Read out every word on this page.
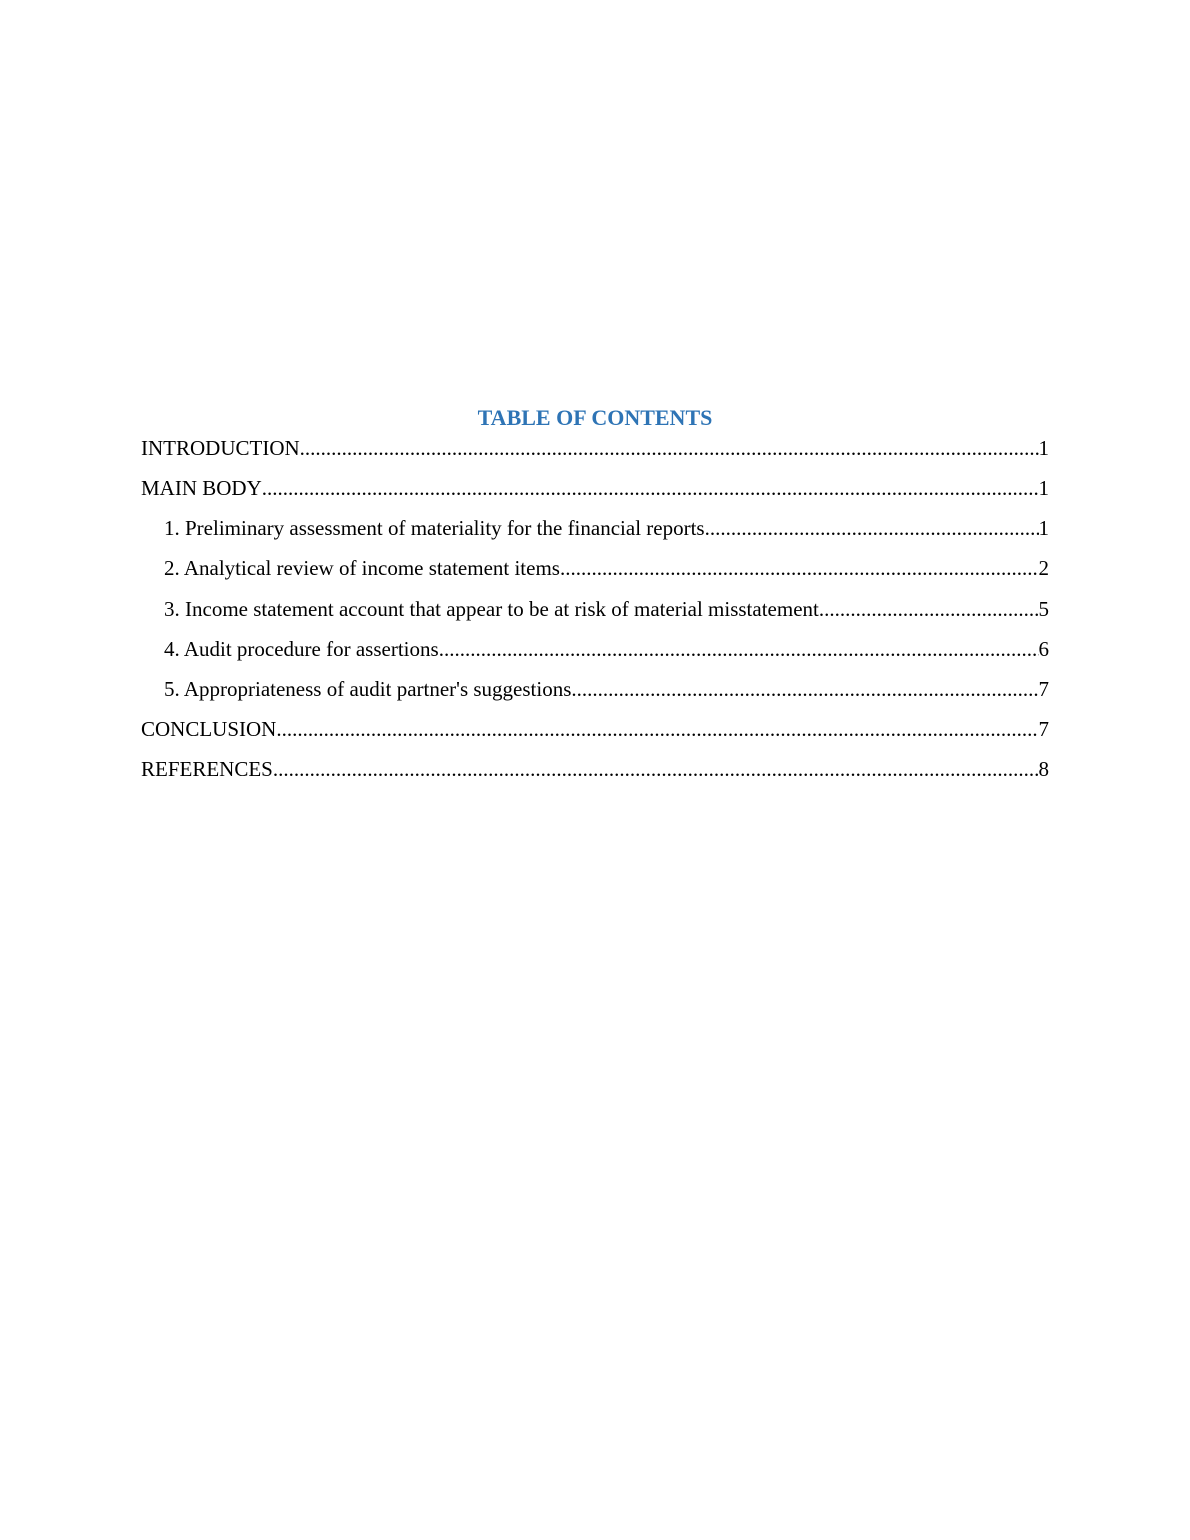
TABLE OF CONTENTS
INTRODUCTION .....	1
MAIN BODY .....	1
1. Preliminary assessment of materiality for the financial reports .....	1
2. Analytical review of income statement items .....	2
3. Income statement account that appear to be at risk of material misstatement .....	5
4. Audit procedure for assertions .....	6
5. Appropriateness of audit partner's suggestions .....	7
CONCLUSION .....	7
REFERENCES .....	8
